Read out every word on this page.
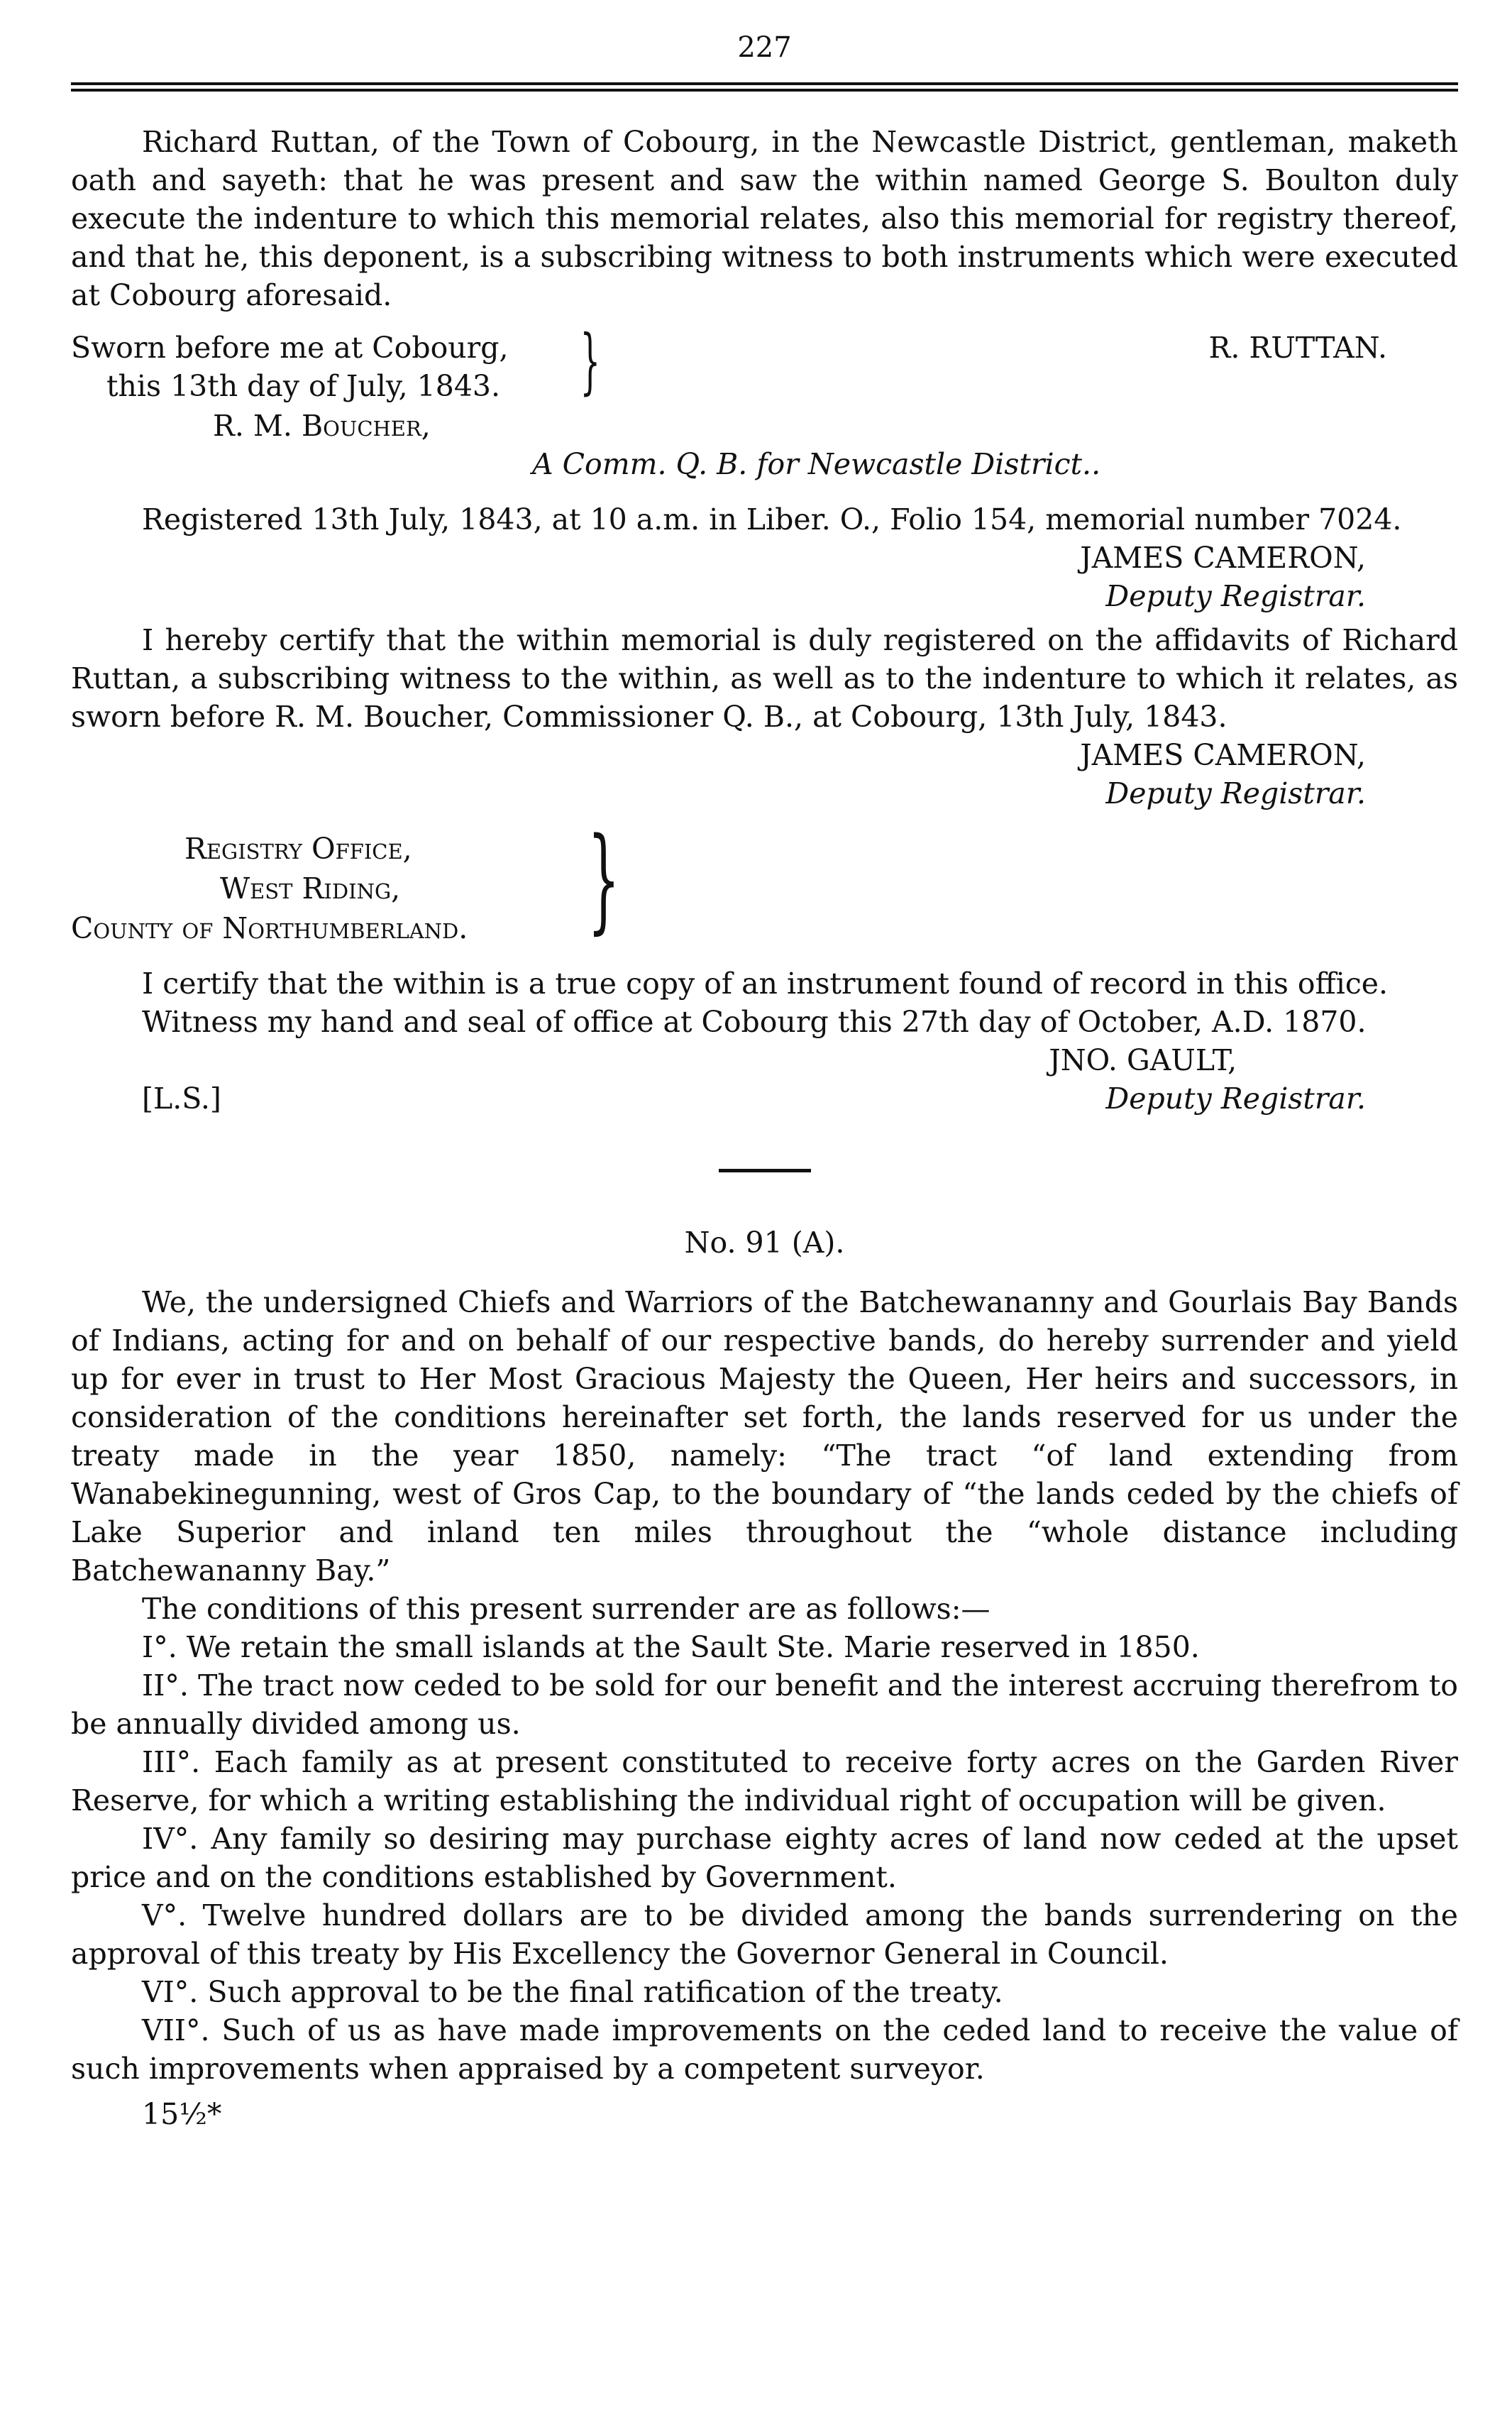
227

Richard Ruttan, of the Town of Cobourg, in the Newcastle District, gentleman, maketh oath and sayeth: that he was present and saw the within named George S. Boulton duly execute the indenture to which this memorial relates, also this memorial for registry thereof, and that he, this deponent, is a subscribing witness to both instruments which were executed at Cobourg aforesaid.

Sworn before me at Cobourg,
this 13th day of July, 1843.	}	R. RUTTAN.
R. M. Boucher,
A Comm. Q. B. for Newcastle District..

Registered 13th July, 1843, at 10 a.m. in Liber. O., Folio 154, memorial number 7024.

JAMES CAMERON,
Deputy Registrar.

I hereby certify that the within memorial is duly registered on the affidavits of Richard Ruttan, a subscribing witness to the within, as well as to the indenture to which it relates, as sworn before R. M. Boucher, Commissioner Q. B., at Cobourg, 13th July, 1843.

JAMES CAMERON,
Deputy Registrar.
Registry Office,
West Riding,
County of Northumberland. }

I certify that the within is a true copy of an instrument found of record in this office.

Witness my hand and seal of office at Cobourg this 27th day of October, A.D. 1870.

[L.S.]
JNO. GAULT,
Deputy Registrar.
No. 91 (A).

We, the undersigned Chiefs and Warriors of the Batchewananny and Gourlais Bay Bands of Indians, acting for and on behalf of our respective bands, do hereby surrender and yield up for ever in trust to Her Most Gracious Majesty the Queen, Her heirs and successors, in consideration of the conditions hereinafter set forth, the lands reserved for us under the treaty made in the year 1850, namely: “The tract “of land extending from Wanabekinegunning, west of Gros Cap, to the boundary of “the lands ceded by the chiefs of Lake Superior and inland ten miles throughout the “whole distance including Batchewananny Bay.”

The conditions of this present surrender are as follows:—

I°. We retain the small islands at the Sault Ste. Marie reserved in 1850.

II°. The tract now ceded to be sold for our benefit and the interest accruing therefrom to be annually divided among us.

III°. Each family as at present constituted to receive forty acres on the Garden River Reserve, for which a writing establishing the individual right of occupation will be given.

IV°. Any family so desiring may purchase eighty acres of land now ceded at the upset price and on the conditions established by Government.

V°. Twelve hundred dollars are to be divided among the bands surrendering on the approval of this treaty by His Excellency the Governor General in Council.

VI°. Such approval to be the final ratification of the treaty.

VII°. Such of us as have made improvements on the ceded land to receive the value of such improvements when appraised by a competent surveyor.

15½*
